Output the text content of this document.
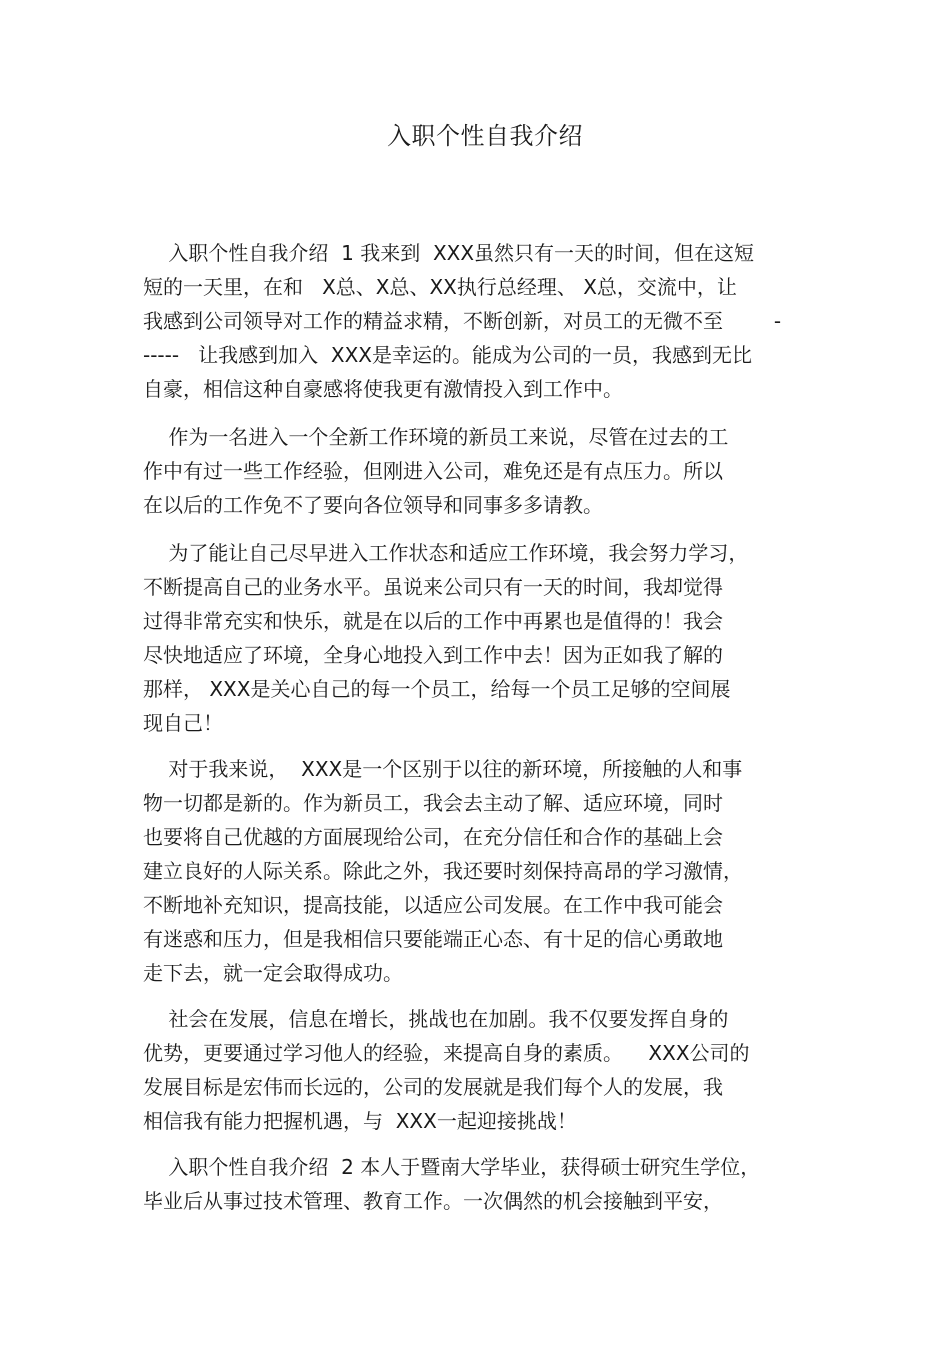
入职个性自我介绍
入职个性自我介绍  1 我来到  XXX虽然只有一天的时间，但在这短
短的一天里，在和   X总、X总、XX执行总经理、 X总，交流中，让
我感到公司领导对工作的精益求精，不断创新，对员工的无微不至        -
-----   让我感到加入  XXX是幸运的。能成为公司的一员，我感到无比
自豪，相信这种自豪感将使我更有激情投入到工作中。
作为一名进入一个全新工作环境的新员工来说，尽管在过去的工
作中有过一些工作经验，但刚进入公司，难免还是有点压力。所以
在以后的工作免不了要向各位领导和同事多多请教。
为了能让自己尽早进入工作状态和适应工作环境，我会努力学习，
不断提高自己的业务水平。虽说来公司只有一天的时间，我却觉得
过得非常充实和快乐，就是在以后的工作中再累也是值得的！我会
尽快地适应了环境，全身心地投入到工作中去！因为正如我了解的
那样， XXX是关心自己的每一个员工，给每一个员工足够的空间展
现自己！
对于我来说，  XXX是一个区别于以往的新环境，所接触的人和事
物一切都是新的。作为新员工，我会去主动了解、适应环境，同时
也要将自己优越的方面展现给公司，在充分信任和合作的基础上会
建立良好的人际关系。除此之外，我还要时刻保持高昂的学习激情，
不断地补充知识，提高技能，以适应公司发展。在工作中我可能会
有迷惑和压力，但是我相信只要能端正心态、有十足的信心勇敢地
走下去，就一定会取得成功。
社会在发展，信息在增长，挑战也在加剧。我不仅要发挥自身的
优势，更要通过学习他人的经验，来提高自身的素质。    XXX公司的
发展目标是宏伟而长远的，公司的发展就是我们每个人的发展，我
相信我有能力把握机遇，与  XXX一起迎接挑战！
入职个性自我介绍  2 本人于暨南大学毕业，获得硕士研究生学位，
毕业后从事过技术管理、教育工作。一次偶然的机会接触到平安，
